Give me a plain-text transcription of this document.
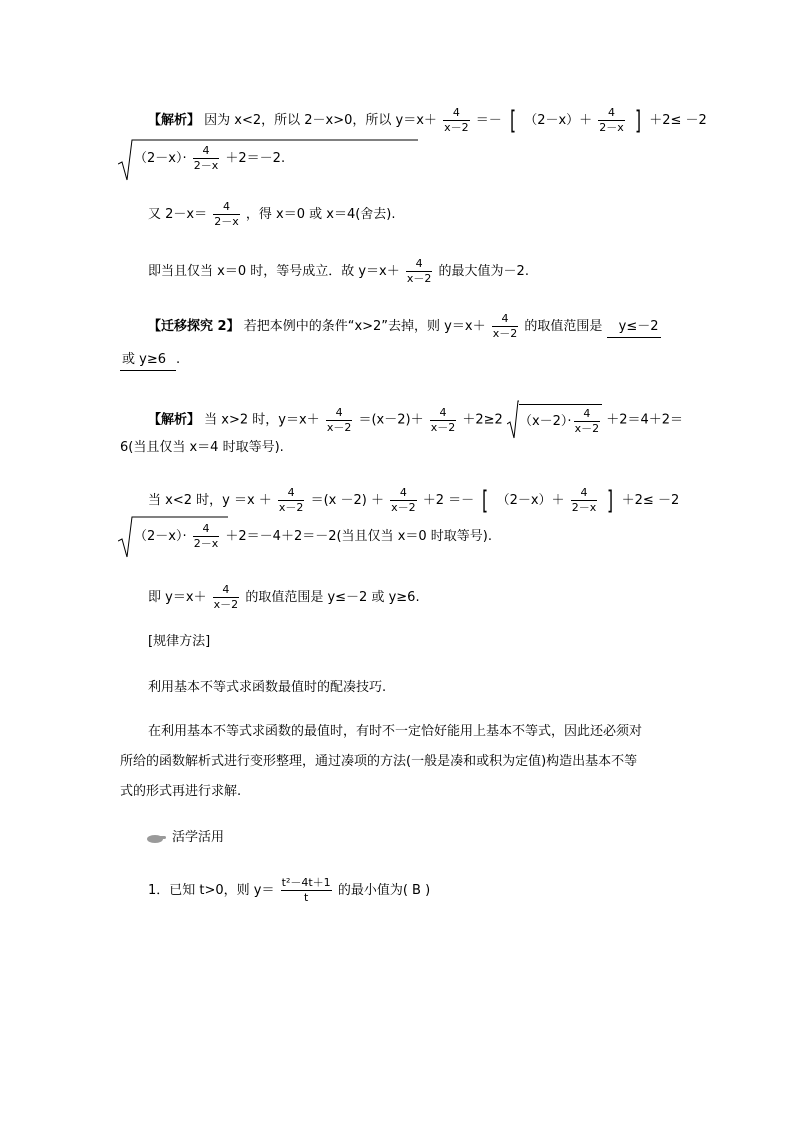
【解析】 因为 x<2，所以 2－x>0，所以 $y=x+ \frac{4}{x-2}$ ＝－ [ $(2-x)+ \frac{4}{2-x}$ ] ＋2≤ －2
$(2-x)\cdot \frac{4}{2-x} +2=-2$.
又 $2-x= \frac{4}{2-x}$ ，得 x＝0 或 x＝4(舍去).
即当且仅当 x＝0 时，等号成立．故 $y=x+ \frac{4}{x-2}$ 的最大值为－2.
【迁移探究 2】 若把本例中的条件“x>2”去掉，则 $y=x+ \frac{4}{x-2}$ 的取值范围是 y≤－2
或 y≥6 .
【解析】 当 x>2 时，$y=x+ \frac{4}{x-2} =(x-2)+ \frac{4}{x-2} +2\ge 2$ $(x-2)\cdot \frac{4}{x-2} +2=4+2=$
6(当且仅当 x＝4 时取等号).
当 x<2 时，$y =x + \frac{4}{x-2} =(x -2) + \frac{4}{x-2} +2$ ＝－ [ $(2-x)+ \frac{4}{2-x}$ ] ＋2≤ －2
$(2-x)\cdot \frac{4}{2-x} +2=-4+2=-2$(当且仅当 x＝0 时取等号).
即 $y=x+ \frac{4}{x-2}$ 的取值范围是 y≤－2 或 y≥6.
[规律方法]
利用基本不等式求函数最值时的配凑技巧.
在利用基本不等式求函数的最值时，有时不一定恰好能用上基本不等式，因此还必须对
所给的函数解析式进行变形整理，通过凑项的方法(一般是凑和或积为定值)构造出基本不等
式的形式再进行求解.
活学活用
1．已知 t>0，则 $y= \frac{\text{t²－4t＋1}}{t}$ 的最小值为( B )
